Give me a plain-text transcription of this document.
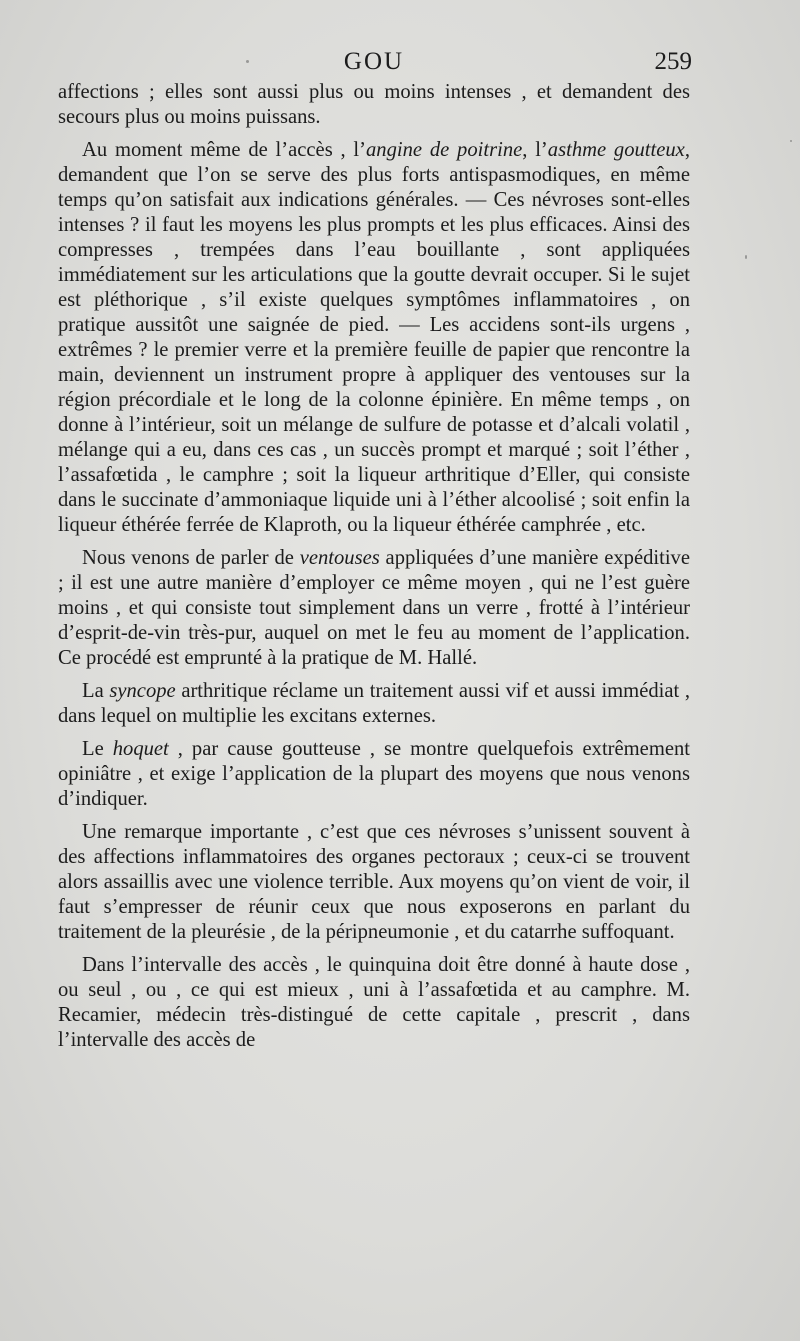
GOU	259

affections ; elles sont aussi plus ou moins intenses , et demandent des secours plus ou moins puissans.

Au moment même de l’accès , l’angine de poitrine, l’asthme goutteux, demandent que l’on se serve des plus forts antispasmodiques, en même temps qu’on satisfait aux indications générales. — Ces névroses sont-elles intenses ? il faut les moyens les plus prompts et les plus efficaces. Ainsi des compresses , trempées dans l’eau bouillante , sont appliquées immédiatement sur les articulations que la goutte devrait occuper. Si le sujet est pléthorique , s’il existe quelques symptômes inflammatoires , on pratique aussitôt une saignée de pied. — Les accidens sont-ils urgens , extrêmes ? le premier verre et la première feuille de papier que rencontre la main, deviennent un instrument propre à appliquer des ventouses sur la région précordiale et le long de la colonne épinière. En même temps , on donne à l’intérieur, soit un mélange de sulfure de potasse et d’alcali volatil , mélange qui a eu, dans ces cas , un succès prompt et marqué ; soit l’éther , l’assafœtida , le camphre ; soit la liqueur arthritique d’Eller, qui consiste dans le succinate d’ammoniaque liquide uni à l’éther alcoolisé ; soit enfin la liqueur éthérée ferrée de Klaproth, ou la liqueur éthérée camphrée , etc.

Nous venons de parler de ventouses appliquées d’une manière expéditive ; il est une autre manière d’employer ce même moyen , qui ne l’est guère moins , et qui consiste tout simplement dans un verre , frotté à l’intérieur d’esprit-de-vin très-pur, auquel on met le feu au moment de l’application. Ce procédé est emprunté à la pratique de M. Hallé.

La syncope arthritique réclame un traitement aussi vif et aussi immédiat , dans lequel on multiplie les excitans externes.

Le hoquet , par cause goutteuse , se montre quelquefois extrêmement opiniâtre , et exige l’application de la plupart des moyens que nous venons d’indiquer.

Une remarque importante , c’est que ces névroses s’unissent souvent à des affections inflammatoires des organes pectoraux ; ceux-ci se trouvent alors assaillis avec une violence terrible. Aux moyens qu’on vient de voir, il faut s’empresser de réunir ceux que nous exposerons en parlant du traitement de la pleurésie , de la péripneumonie , et du catarrhe suffoquant.

Dans l’intervalle des accès , le quinquina doit être donné à haute dose , ou seul , ou , ce qui est mieux , uni à l’assafœtida et au camphre. M. Recamier, médecin très-distingué de cette capitale , prescrit , dans l’intervalle des accès de
